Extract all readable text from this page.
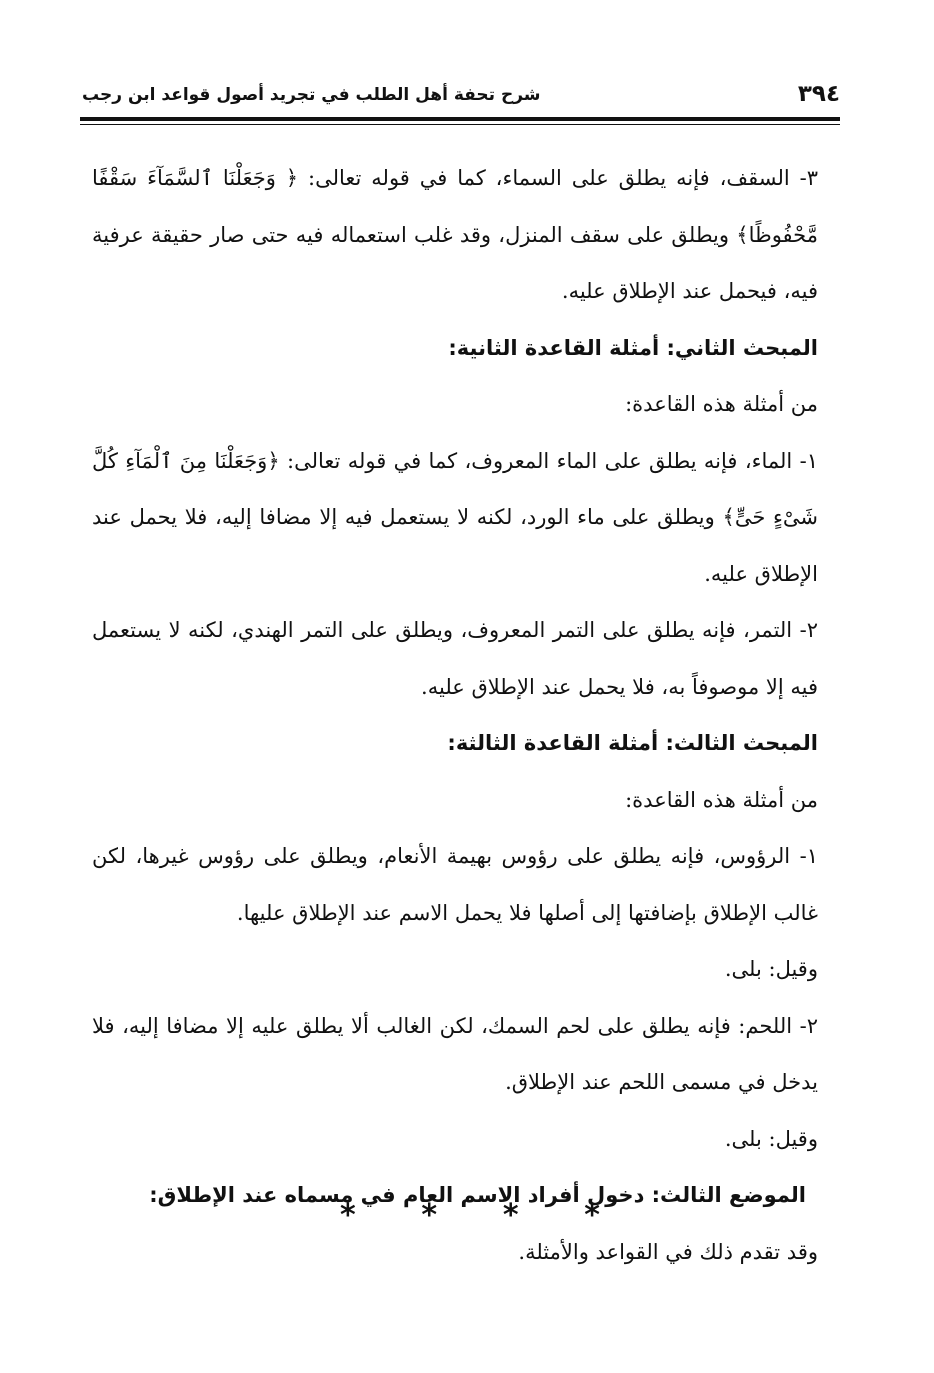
٣٩٤
شرح تحفة أهل الطلب في تجريد أصول قواعد ابن رجب

٣- السقف، فإنه يطلق على السماء، كما في قوله تعالى: ﴿ وَجَعَلْنَا ٱلسَّمَآءَ سَقْفًا مَّحْفُوظًا﴾ ويطلق على سقف المنزل، وقد غلب استعماله فيه حتى صار حقيقة عرفية فيه، فيحمل عند الإطلاق عليه.

المبحث الثاني: أمثلة القاعدة الثانية:

من أمثلة هذه القاعدة:

١- الماء، فإنه يطلق على الماء المعروف، كما في قوله تعالى: ﴿وَجَعَلْنَا مِنَ ٱلْمَآءِ كُلَّ شَىْءٍ حَىٍّ﴾ ويطلق على ماء الورد، لكنه لا يستعمل فيه إلا مضافا إليه، فلا يحمل عند الإطلاق عليه.

٢- التمر، فإنه يطلق على التمر المعروف، ويطلق على التمر الهندي، لكنه لا يستعمل فيه إلا موصوفاً به، فلا يحمل عند الإطلاق عليه.

المبحث الثالث: أمثلة القاعدة الثالثة:

من أمثلة هذه القاعدة:

١- الرؤوس، فإنه يطلق على رؤوس بهيمة الأنعام، ويطلق على رؤوس غيرها، لكن غالب الإطلاق بإضافتها إلى أصلها فلا يحمل الاسم عند الإطلاق عليها.

وقيل: بلى.

٢- اللحم: فإنه يطلق على لحم السمك، لكن الغالب ألا يطلق عليه إلا مضافا إليه، فلا يدخل في مسمى اللحم عند الإطلاق.

وقيل: بلى.

الموضع الثالث: دخول أفراد الاسم العام في مسماه عند الإطلاق:

وقد تقدم ذلك في القواعد والأمثلة.

* * * *
